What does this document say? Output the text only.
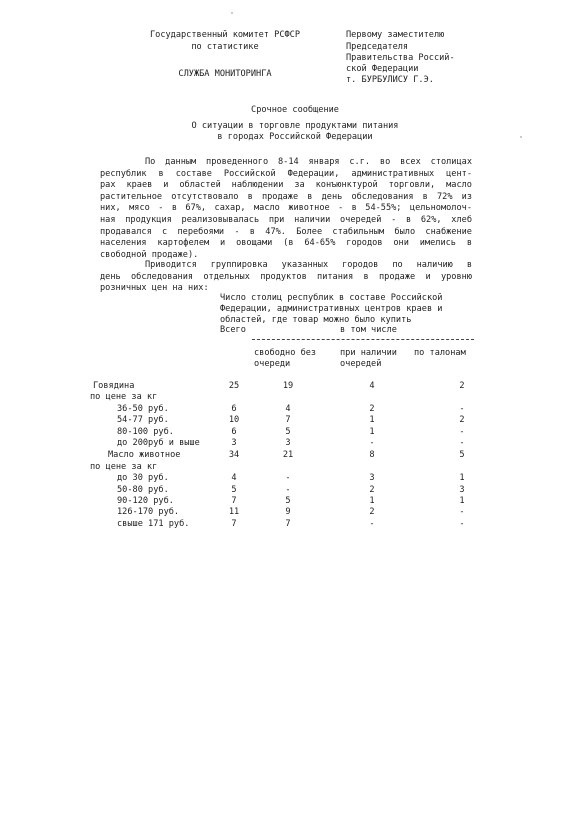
Государственный комитет РСФСР
по статистике
СЛУЖБА МОНИТОРИНГА
Первому заместителю
Председателя
Правительства Россий-
ской Федерации
т. БУРБУЛИСУ Г.Э.
Срочное сообщение
О ситуации в торговле продуктами питания
в городах Российской Федерации
По данным проведенного 8-14 января с.г. во всех столицах
республик в составе Российской Федерации, административных цент-
рах краев и областей наблюдении за конъюнктурой торговли, масло
растительное отсутствовало в продаже в день обследования в 72% из
них, мясо - в 67%, сахар, масло животное - в 54-55%; цельномолоч-
ная продукция реализовывалась при наличии очередей - в 62%, хлеб
продавался с перебоями - в 47%. Более стабильным было снабжение
населения картофелем и овощами (в 64-65% городов они имелись в
свободной продаже).
Приводится группировка указанных городов по наличию в
день обследования отдельных продуктов питания в продаже и уровню
розничных цен на них:
Число столиц республик в составе Российской
Федерации, административных центров краев и
областей, где товар можно было купить
Всего	в том числе
свободно без
очереди
при наличии
очередей
по талонам
Говядина	25	19	4	2
по цене за кг
36-50 руб.	6	4	2	-
54-77 руб.	10	7	1	2
80-100 руб.	6	5	1	-
до 200руб и выше	3	3	-	-
Масло животное	34	21	8	5
по цене за кг
до 30 руб.	4	-	3	1
50-80 руб.	5	-	2	3
90-120 руб.	7	5	1	1
126-170 руб.	11	9	2	-
свыше 171 руб.	7	7	-	-
